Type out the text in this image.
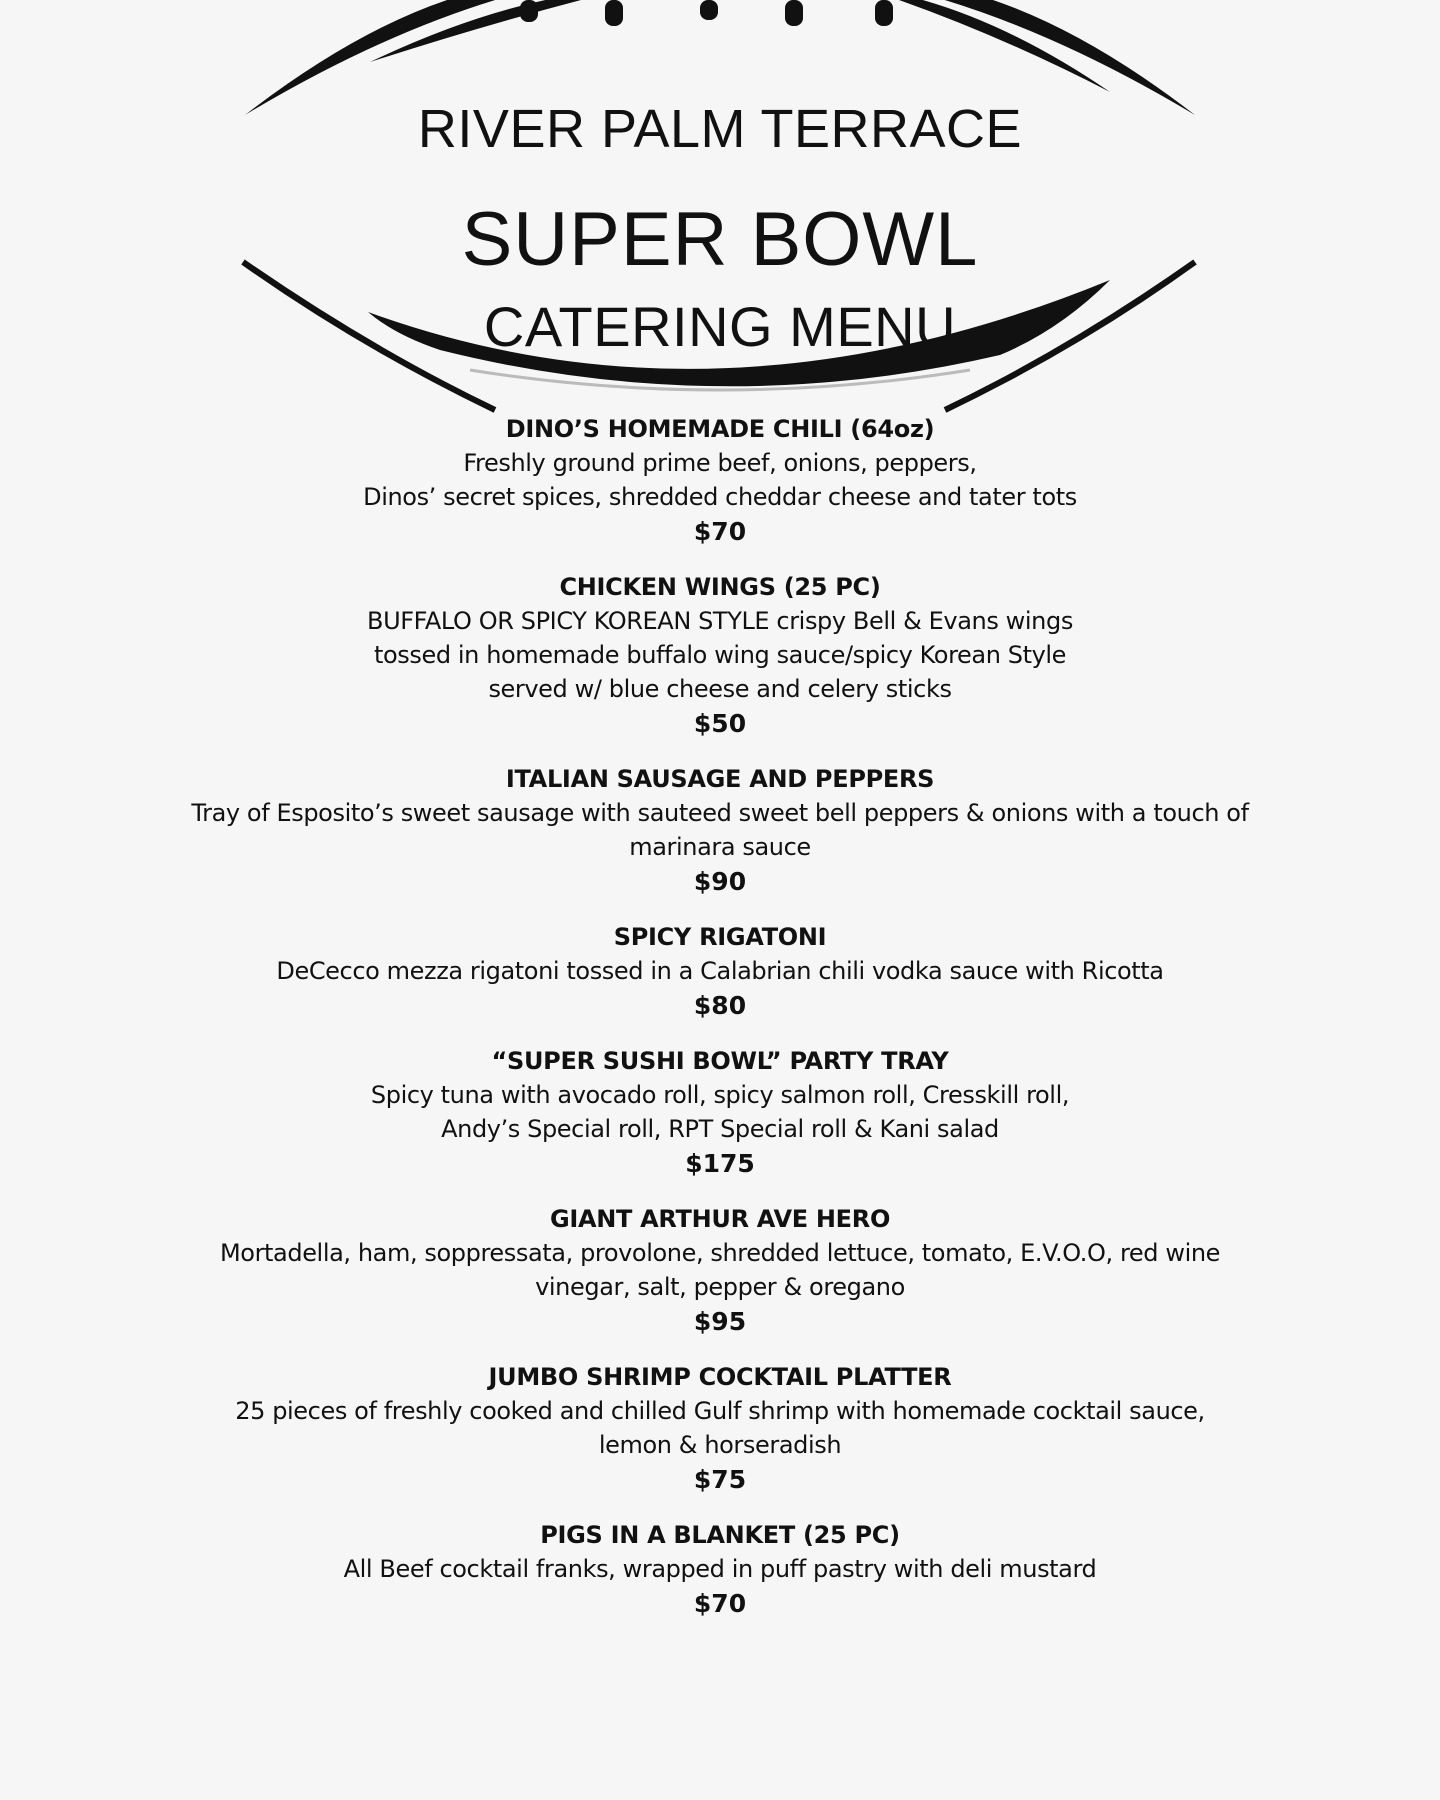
RIVER PALM TERRACE
SUPER BOWL
CATERING MENU
DINO’S HOMEMADE CHILI (64oz)
Freshly ground prime beef, onions, peppers,
Dinos’ secret spices, shredded cheddar cheese and tater tots
$70
CHICKEN WINGS (25 PC)
BUFFALO OR SPICY KOREAN STYLE crispy Bell & Evans wings
tossed in homemade buffalo wing sauce/spicy Korean Style
served w/ blue cheese and celery sticks
$50
ITALIAN SAUSAGE AND PEPPERS
Tray of Esposito’s sweet sausage with sauteed sweet bell peppers & onions with a touch of
marinara sauce
$90
SPICY RIGATONI
DeCecco mezza rigatoni tossed in a Calabrian chili vodka sauce with Ricotta
$80
“SUPER SUSHI BOWL” PARTY TRAY
Spicy tuna with avocado roll, spicy salmon roll, Cresskill roll,
Andy’s Special roll, RPT Special roll & Kani salad
$175
GIANT ARTHUR AVE HERO
Mortadella, ham, soppressata, provolone, shredded lettuce, tomato, E.V.O.O, red wine
vinegar, salt, pepper & oregano
$95
JUMBO SHRIMP COCKTAIL PLATTER
25 pieces of freshly cooked and chilled Gulf shrimp with homemade cocktail sauce,
lemon & horseradish
$75
PIGS IN A BLANKET (25 PC)
All Beef cocktail franks, wrapped in puff pastry with deli mustard
$70
